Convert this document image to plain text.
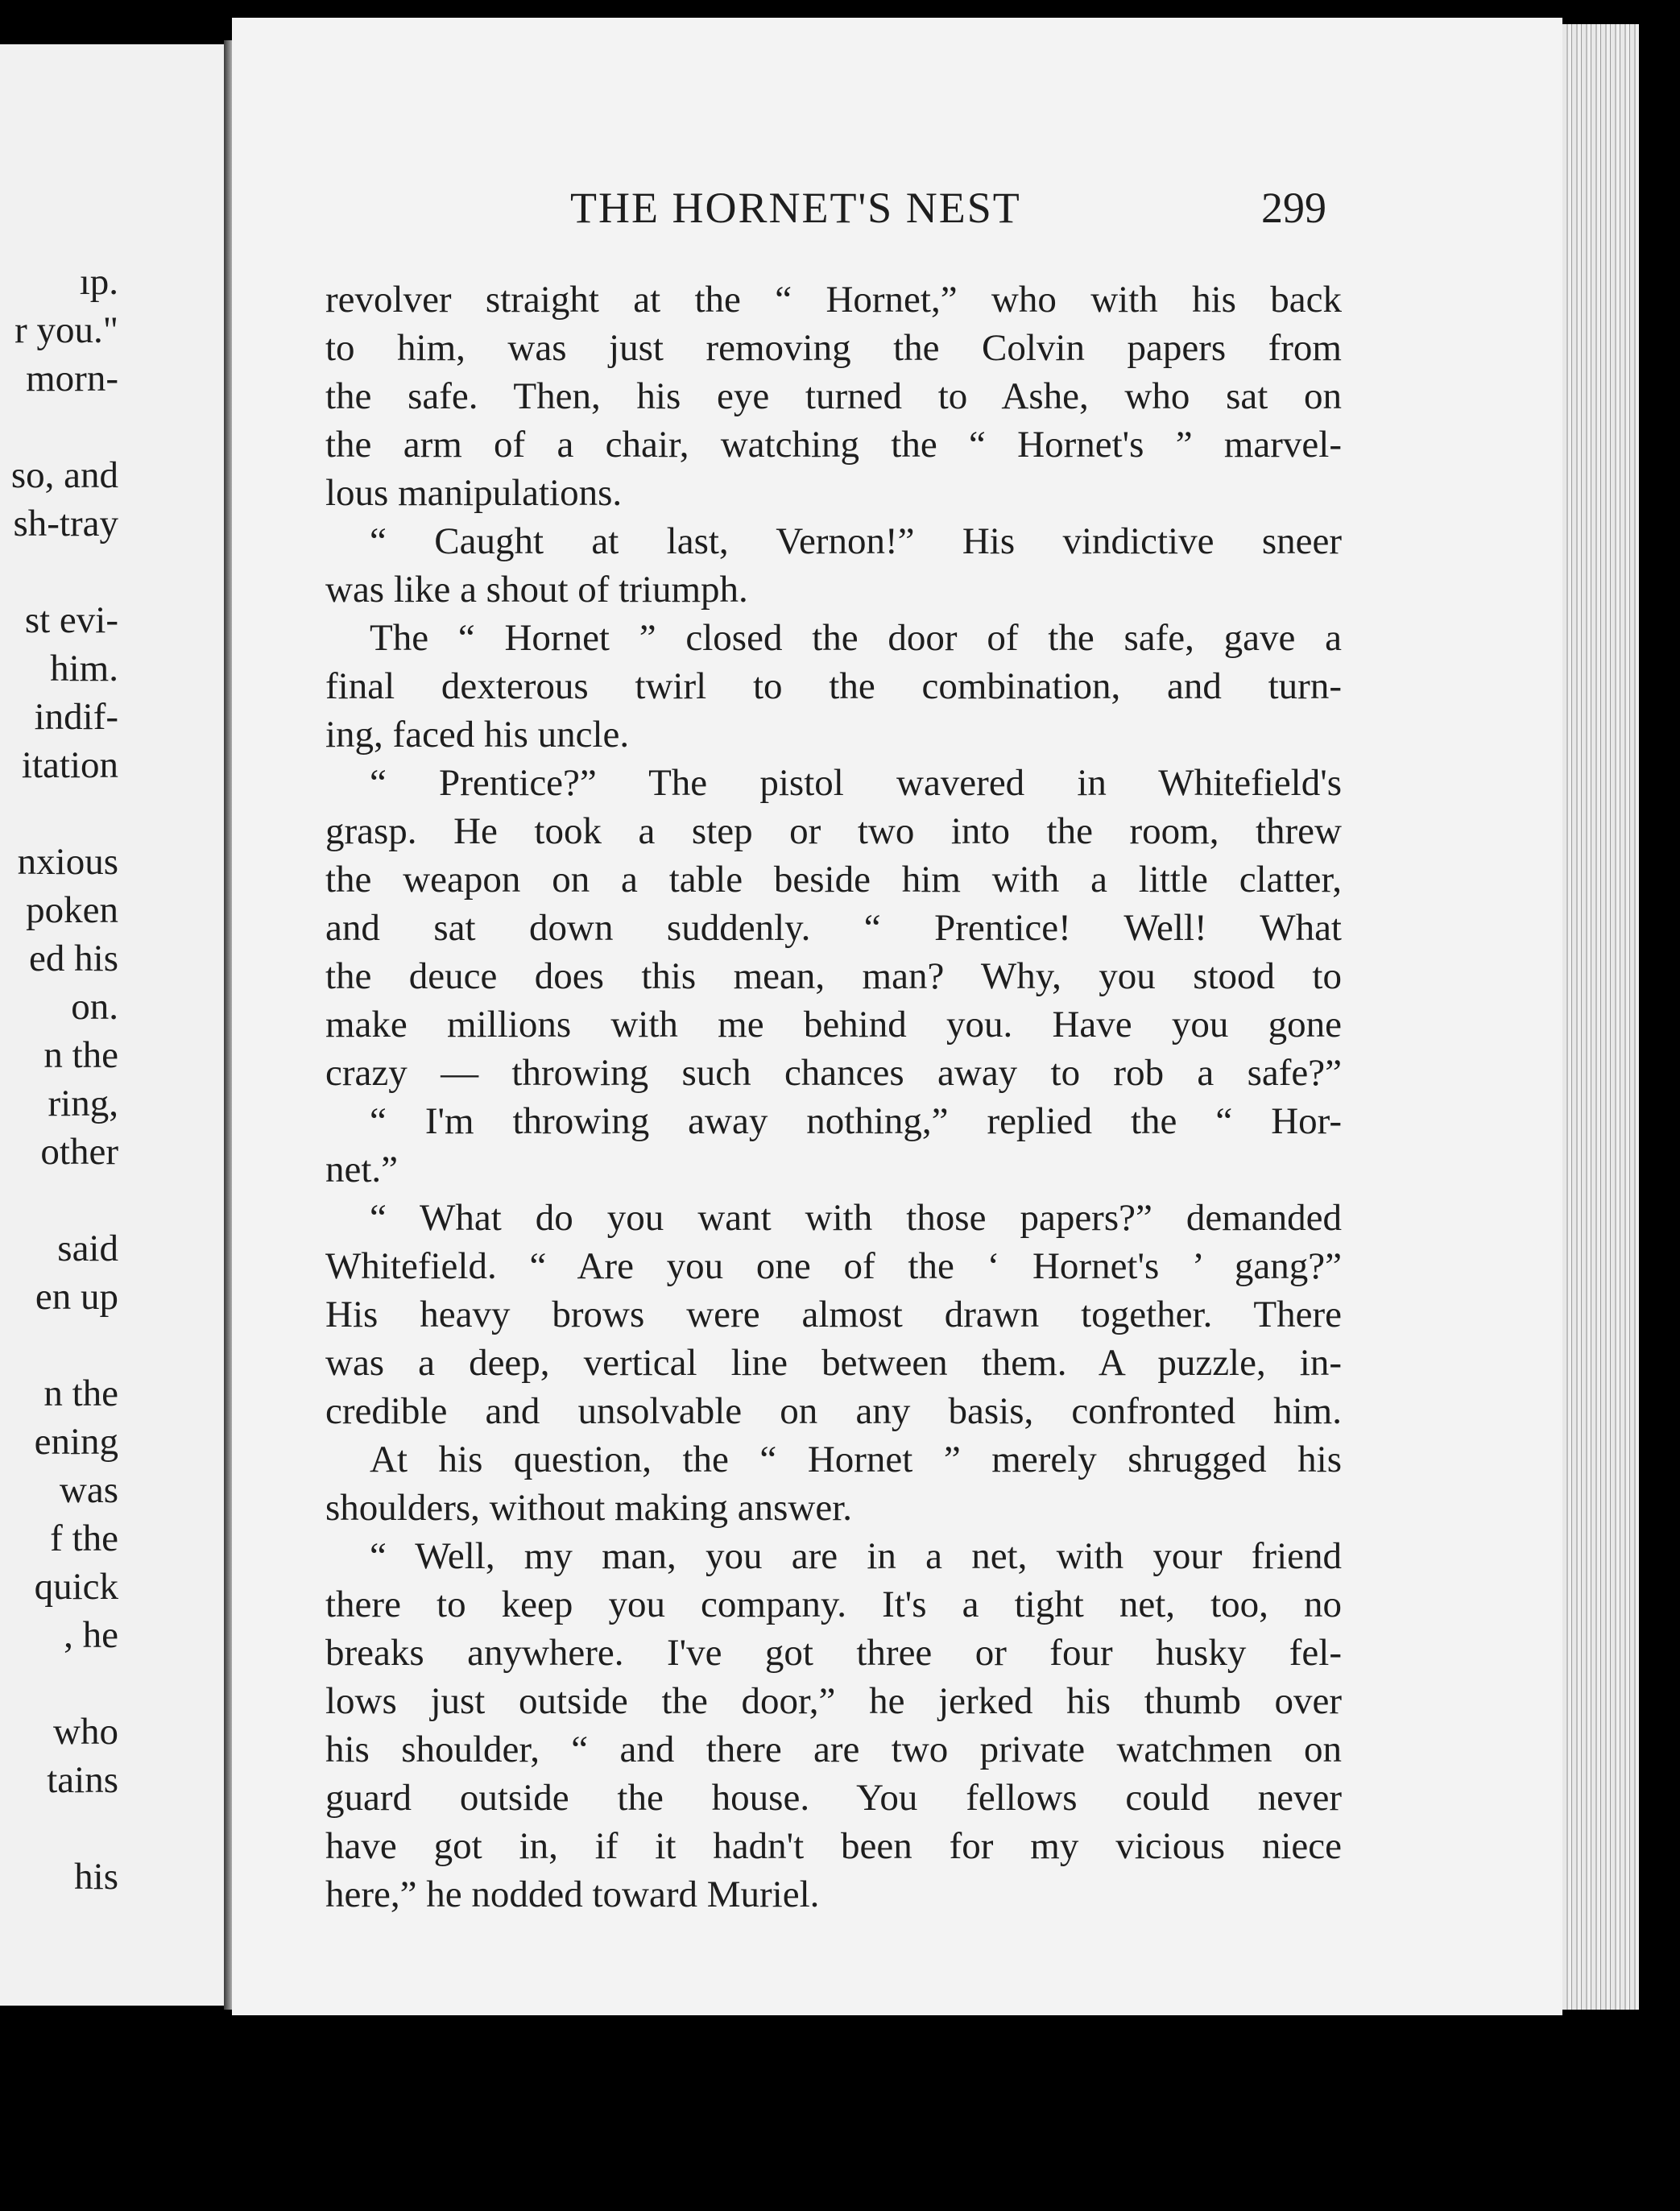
ıp.
r you."
morn-
so, and
sh-tray
st evi-
him.
indif-
itation
nxious
poken
ed his
on.
n the
ring,
other
said
en up
n the
ening
was
f the
quick
, he
who
tains
his
THE HORNET'S NEST	299
revolver straight at the “ Hornet,” who with his back
to him, was just removing the Colvin papers from
the safe. Then, his eye turned to Ashe, who sat on
the arm of a chair, watching the “ Hornet's ” marvel-
lous manipulations.
“ Caught at last, Vernon!” His vindictive sneer
was like a shout of triumph.
The “ Hornet ” closed the door of the safe, gave a
final dexterous twirl to the combination, and turn-
ing, faced his uncle.
“ Prentice?” The pistol wavered in Whitefield's
grasp. He took a step or two into the room, threw
the weapon on a table beside him with a little clatter,
and sat down suddenly. “ Prentice! Well! What
the deuce does this mean, man? Why, you stood to
make millions with me behind you. Have you gone
crazy — throwing such chances away to rob a safe?”
“ I'm throwing away nothing,” replied the “ Hor-
net.”
“ What do you want with those papers?” demanded
Whitefield. “ Are you one of the ‘ Hornet's ’ gang?”
His heavy brows were almost drawn together. There
was a deep, vertical line between them. A puzzle, in-
credible and unsolvable on any basis, confronted him.
At his question, the “ Hornet ” merely shrugged his
shoulders, without making answer.
“ Well, my man, you are in a net, with your friend
there to keep you company. It's a tight net, too, no
breaks anywhere. I've got three or four husky fel-
lows just outside the door,” he jerked his thumb over
his shoulder, “ and there are two private watchmen on
guard outside the house. You fellows could never
have got in, if it hadn't been for my vicious niece
here,” he nodded toward Muriel.
